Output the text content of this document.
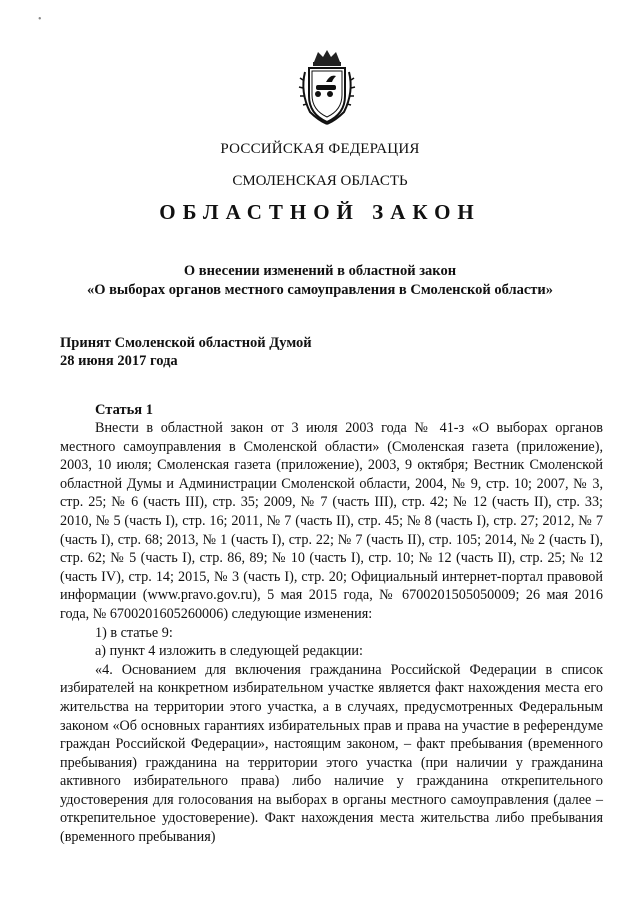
•
РОССИЙСКАЯ ФЕДЕРАЦИЯ
СМОЛЕНСКАЯ ОБЛАСТЬ
ОБЛАСТНОЙ ЗАКОН
О внесении изменений в областной закон
«О выборах органов местного самоуправления в Смоленской области»
Принят Смоленской областной Думой
28 июня 2017 года
Статья 1

Внести в областной закон от 3 июля 2003 года № 41-з «О выборах органов местного самоуправления в Смоленской области» (Смоленская газета (приложение), 2003, 10 июля; Смоленская газета (приложение), 2003, 9 октября; Вестник Смоленской областной Думы и Администрации Смоленской области, 2004, № 9, стр. 10; 2007, № 3, стр. 25; № 6 (часть III), стр. 35; 2009, № 7 (часть III), стр. 42; № 12 (часть II), стр. 33; 2010, № 5 (часть I), стр. 16; 2011, № 7 (часть II), стр. 45; № 8 (часть I), стр. 27; 2012, № 7 (часть I), стр. 68; 2013, № 1 (часть I), стр. 22; № 7 (часть II), стр. 105; 2014, № 2 (часть I), стр. 62; № 5 (часть I), стр. 86, 89; № 10 (часть I), стр. 10; № 12 (часть II), стр. 25; № 12 (часть IV), стр. 14; 2015, № 3 (часть I), стр. 20; Официальный интернет-портал правовой информации (www.pravo.gov.ru), 5 мая 2015 года, № 6700201505050009; 26 мая 2016 года, № 6700201605260006) следующие изменения:

1) в статье 9:

а) пункт 4 изложить в следующей редакции:

«4. Основанием для включения гражданина Российской Федерации в список избирателей на конкретном избирательном участке является факт нахождения места его жительства на территории этого участка, а в случаях, предусмотренных Федеральным законом «Об основных гарантиях избирательных прав и права на участие в референдуме граждан Российской Федерации», настоящим законом, – факт пребывания (временного пребывания) гражданина на территории этого участка (при наличии у гражданина активного избирательного права) либо наличие у гражданина открепительного удостоверения для голосования на выборах в органы местного самоуправления (далее – открепительное удостоверение). Факт нахождения места жительства либо пребывания (временного пребывания)
